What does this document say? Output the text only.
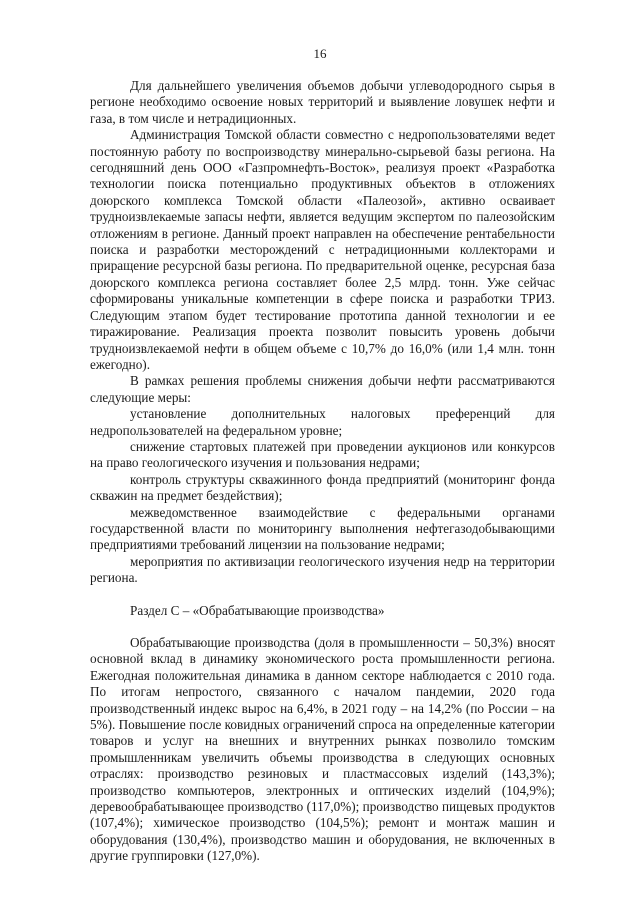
16

Для дальнейшего увеличения объемов добычи углеводородного сырья в регионе необходимо освоение новых территорий и выявление ловушек нефти и газа, в том числе и нетрадиционных.

Администрация Томской области совместно с недропользователями ведет постоянную работу по воспроизводству минерально-сырьевой базы региона. На сегодняшний день ООО «Газпромнефть-Восток», реализуя проект «Разработка технологии поиска потенциально продуктивных объектов в отложениях доюрского комплекса Томской области «Палеозой», активно осваивает трудноизвлекаемые запасы нефти, является ведущим экспертом по палеозойским отложениям в регионе. Данный проект направлен на обеспечение рентабельности поиска и разработки месторождений с нетрадиционными коллекторами и приращение ресурсной базы региона. По предварительной оценке, ресурсная база доюрского комплекса региона составляет более 2,5 млрд. тонн. Уже сейчас сформированы уникальные компетенции в сфере поиска и разработки ТРИЗ. Следующим этапом будет тестирование прототипа данной технологии и ее тиражирование. Реализация проекта позволит повысить уровень добычи трудноизвлекаемой нефти в общем объеме с 10,7% до 16,0% (или 1,4 млн. тонн ежегодно).

В рамках решения проблемы снижения добычи нефти рассматриваются следующие меры:

установление дополнительных налоговых преференций для недропользователей на федеральном уровне;

снижение стартовых платежей при проведении аукционов или конкурсов на право геологического изучения и пользования недрами;

контроль структуры скважинного фонда предприятий (мониторинг фонда скважин на предмет бездействия);

межведомственное взаимодействие с федеральными органами государственной власти по мониторингу выполнения нефтегазодобывающими предприятиями требований лицензии на пользование недрами;

мероприятия по активизации геологического изучения недр на территории региона.

Раздел С – «Обрабатывающие производства»

Обрабатывающие производства (доля в промышленности – 50,3%) вносят основной вклад в динамику экономического роста промышленности региона. Ежегодная положительная динамика в данном секторе наблюдается с 2010 года. По итогам непростого, связанного с началом пандемии, 2020 года производственный индекс вырос на 6,4%, в 2021 году – на 14,2% (по России – на 5%). Повышение после ковидных ограничений спроса на определенные категории товаров и услуг на внешних и внутренних рынках позволило томским промышленникам увеличить объемы производства в следующих основных отраслях: производство резиновых и пластмассовых изделий (143,3%); производство компьютеров, электронных и оптических изделий (104,9%); деревообрабатывающее производство (117,0%); производство пищевых продуктов (107,4%); химическое производство (104,5%); ремонт и монтаж машин и оборудования (130,4%), производство машин и оборудования, не включенных в другие группировки (127,0%).
